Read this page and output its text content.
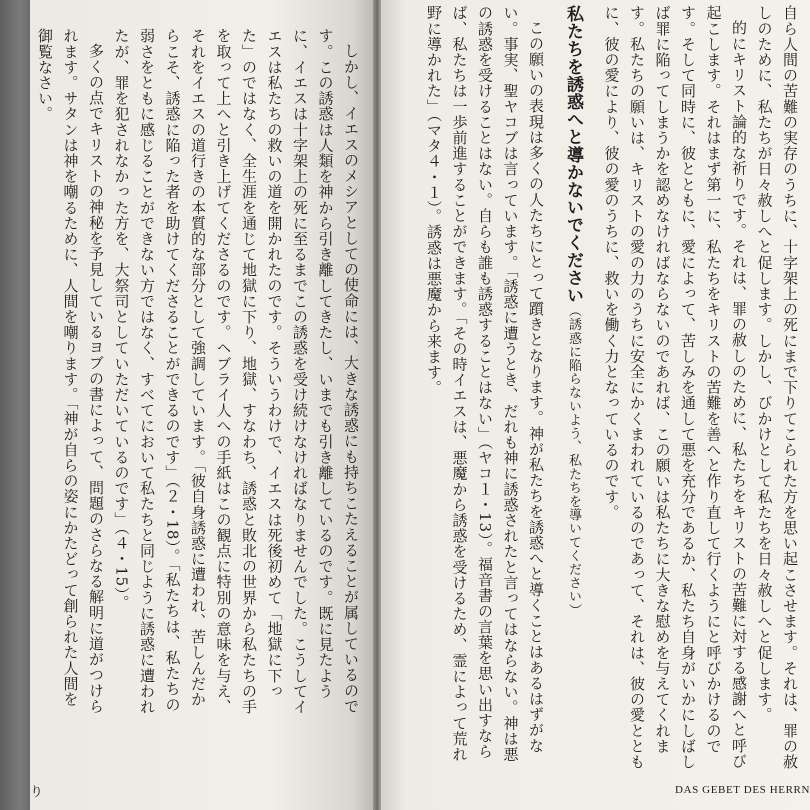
しかし、イエスのメシアとしての使命には、大きな誘惑にも持ちこたえることが属しているのです。この誘惑は人類を神から引き離してきたし、いまでも引き離しているのです。既に見たように、イエスは十字架上の死に至るまでこの誘惑を受け続けなければなりませんでした。こうしてイエスは私たちの救いの道を開かれたのです。そういうわけで、イエスは死後初めて「地獄に下った」のではなく、全生涯を通じて地獄に下り、地獄、すなわち、誘惑と敗北の世界から私たちの手を取って上へと引き上げてくださるのです。ヘブライ人への手紙はこの観点に特別の意味を与え、それをイエスの道行きの本質的な部分として強調しています。「彼自身誘惑に遭われ、苦しんだからこそ、誘惑に陥った者を助けてくださることができるのです」（２・18）。「私たちは、私たちの弱さをともに感じることができない方ではなく、すべてにおいて私たちと同じように誘惑に遭われたが、罪を犯されなかった方を、大祭司としていただいているのです」（４・15）。

多くの点でキリストの神秘を予見しているヨブの書によって、問題のさらなる解明に道がつけられます。サタンは神を嘲るために、人間を嘲ります。「神が自らの姿にかたどって創られた人間を御覧なさい。

り

自ら人間の苦難の実存のうちに、十字架上の死にまで下りてこられた方を思い起こさせます。それは、罪の赦しのために、私たちが日々赦しへと促します。しかし、びかけとして私たちを日々赦しへと促します。

的にキリスト論的な祈りです。それは、罪の赦しのために、私たちをキリストの苦難に対する感謝へと呼び起こします。それはまず第一に、私たちをキリストの苦難を善へと作り直して行くようにと呼びかけるのです。そして同時に、彼とともに、愛によって、苦しみを通して悪を充分であるか、私たち自身がいかにしばしば罪に陥ってしまうかを認めなければならないのであれば、この願いは私たちに大きな慰めを与えてくれます。私たちの願いは、キリストの愛の力のうちに安全にかくまわれているのであって、それは、彼の愛とともに、彼の愛により、彼の愛のうちに、救いを働く力となっているのです。

私たちを誘惑へと導かないでください（誘惑に陥らないよう、私たちを導いてください）

この願いの表現は多くの人たちにとって躓きとなります。神が私たちを誘惑へと導くことはあるはずがない。事実、聖ヤコブは言っています。「誘惑に遭うとき、だれも神に誘惑されたと言ってはならない。神は悪の誘惑を受けることはない。自らも誰も誘惑することはない」（ヤコ１・13）。福音書の言葉を思い出すならば、私たちは一歩前進することができます。「その時イエスは、悪魔から誘惑を受けるため、霊によって荒れ野に導かれた」（マタ４・１）。誘惑は悪魔から来ます。

DAS GEBET DES HERRN
